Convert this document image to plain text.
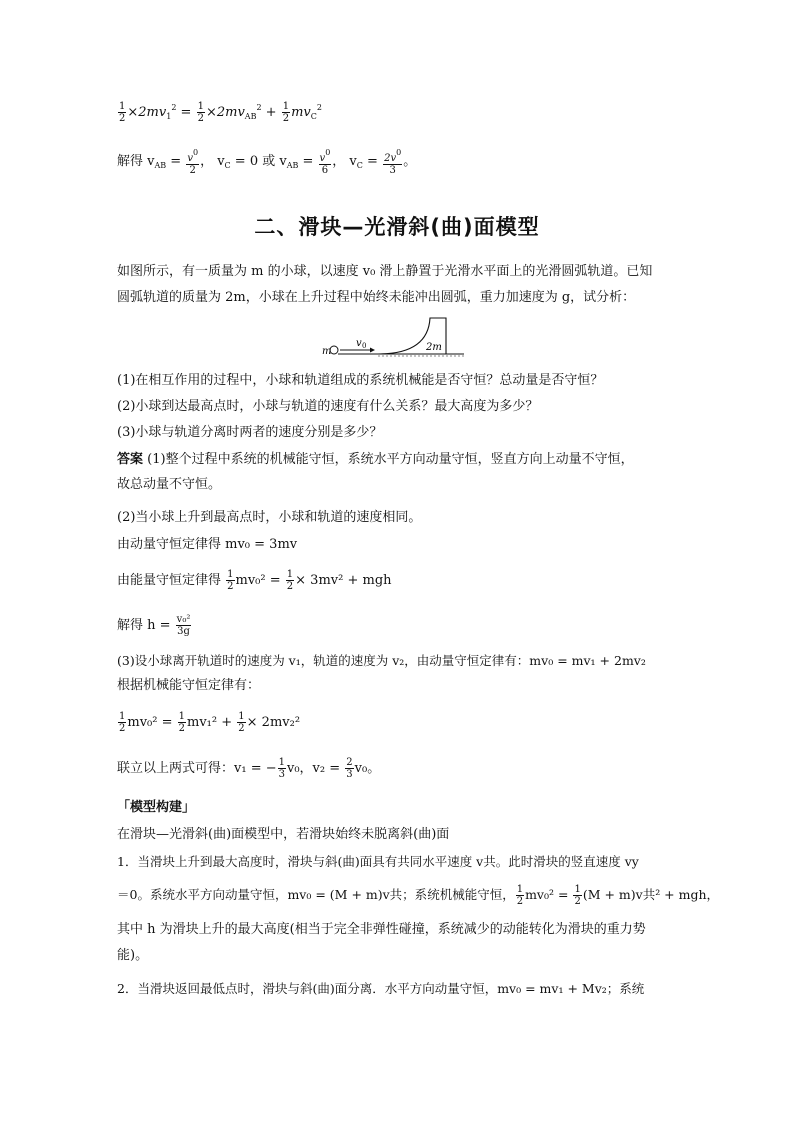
$\frac{1}{2} \times 2mv_1^2 = \frac{1}{2} \times 2mv_{AB}^2 + \frac{1}{2} mv_C^2$
解得 $v_{AB} = \frac{v^0}{2}$ ， $v_C = 0$ 或 $v_{AB} = \frac{v^0}{6}$ ， $v_C = \frac{2v^0}{3}$ 。
二、滑块—光滑斜(曲)面模型
如图所示，有一质量为 m 的小球，以速度 v₀ 滑上静置于光滑水平面上的光滑圆弧轨道。已知
圆弧轨道的质量为 2m，小球在上升过程中始终未能冲出圆弧，重力加速度为 g，试分析：
m
v 0	2m
(1)在相互作用的过程中，小球和轨道组成的系统机械能是否守恒？总动量是否守恒？
(2)小球到达最高点时，小球与轨道的速度有什么关系？最大高度为多少？
(3)小球与轨道分离时两者的速度分别是多少？
答案 (1)整个过程中系统的机械能守恒，系统水平方向动量守恒，竖直方向上动量不守恒，
故总动量不守恒。
(2)当小球上升到最高点时，小球和轨道的速度相同。
由动量守恒定律得 mv₀ = 3mv
由能量守恒定律得 $\frac{1}{2} mv_0^2 = \frac{1}{2} \times 3mv^2$ + mgh
解得 $h = \frac{\text{v₀²}}{3g}$
(3)设小球离开轨道时的速度为 v₁，轨道的速度为 v₂，由动量守恒定律有：mv₀ = mv₁ + 2mv₂
根据机械能守恒定律有：
$\frac{1}{2} mv_0^2 = \frac{1}{2} mv_1^2 + \frac{1}{2} \times 2mv_2^2$
联立以上两式可得：v₁ = − $\frac{1}{3} v_0$，$v_2 = \frac{2}{3} v_0$。
「模型构建」
在滑块—光滑斜(曲)面模型中，若滑块始终未脱离斜(曲)面
1．当滑块上升到最大高度时，滑块与斜(曲)面具有共同水平速度 v共。此时滑块的竖直速度 vy
＝0。系统水平方向动量守恒，mv₀ = (M + m)v共；系统机械能守恒， $\frac{1}{2} mv_0^2 = \frac{1}{2} (M + m)v$共² + mgh，
其中 h 为滑块上升的最大高度(相当于完全非弹性碰撞，系统减少的动能转化为滑块的重力势
能)。
2．当滑块返回最低点时，滑块与斜(曲)面分离．水平方向动量守恒，mv₀ = mv₁ + Mv₂；系统
